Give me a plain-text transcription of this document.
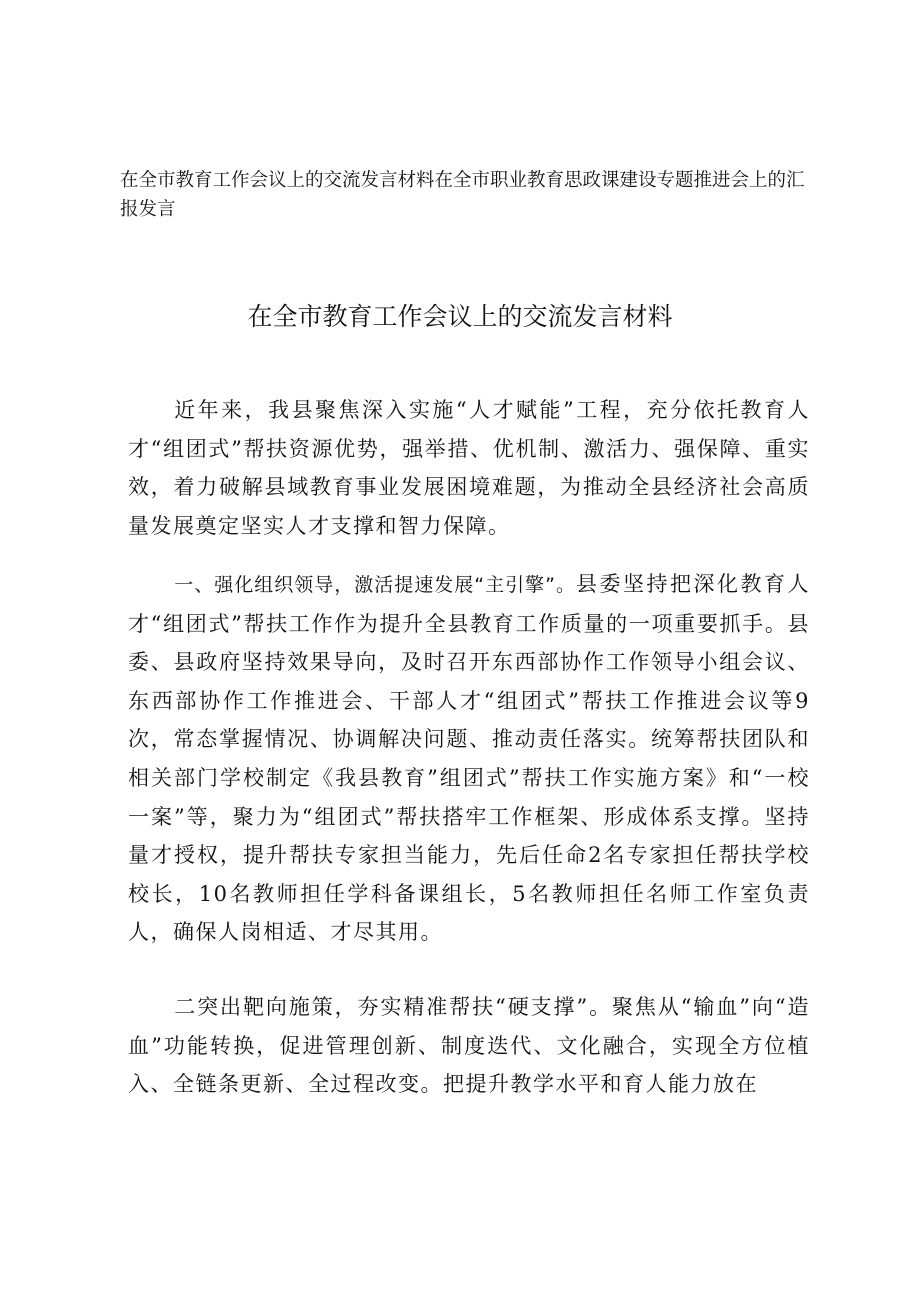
在全市教育工作会议上的交流发言材料在全市职业教育思政课建设专题推进会上的汇报发言
在全市教育工作会议上的交流发言材料

近年来，我县聚焦深入实施“人才赋能”工程，充分依托教育人才“组团式”帮扶资源优势，强举措、优机制、激活力、强保障、重实效，着力破解县域教育事业发展困境难题，为推动全县经济社会高质量发展奠定坚实人才支撑和智力保障。

一、强化组织领导，激活提速发展“主引擎”。县委坚持把深化教育人才“组团式”帮扶工作作为提升全县教育工作质量的一项重要抓手。县委、县政府坚持效果导向，及时召开东西部协作工作领导小组会议、东西部协作工作推进会、干部人才“组团式”帮扶工作推进会议等9次，常态掌握情况、协调解决问题、推动责任落实。统筹帮扶团队和相关部门学校制定《我县教育”组团式”帮扶工作实施方案》和“一校一案”等，聚力为“组团式”帮扶搭牢工作框架、形成体系支撑。坚持量才授权，提升帮扶专家担当能力，先后任命2名专家担任帮扶学校校长，10名教师担任学科备课组长，5名教师担任名师工作室负责人，确保人岗相适、才尽其用。

二突出靶向施策，夯实精准帮扶“硬支撑”。聚焦从“输血”向“造血”功能转换，促进管理创新、制度迭代、文化融合，实现全方位植入、全链条更新、全过程改变。把提升教学水平和育人能力放在
